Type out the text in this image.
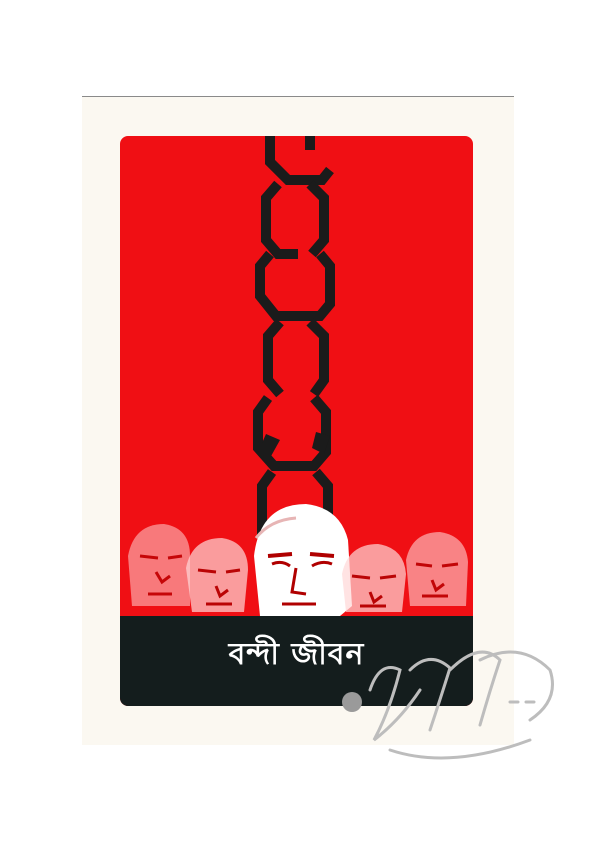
বন্দী জীবন
